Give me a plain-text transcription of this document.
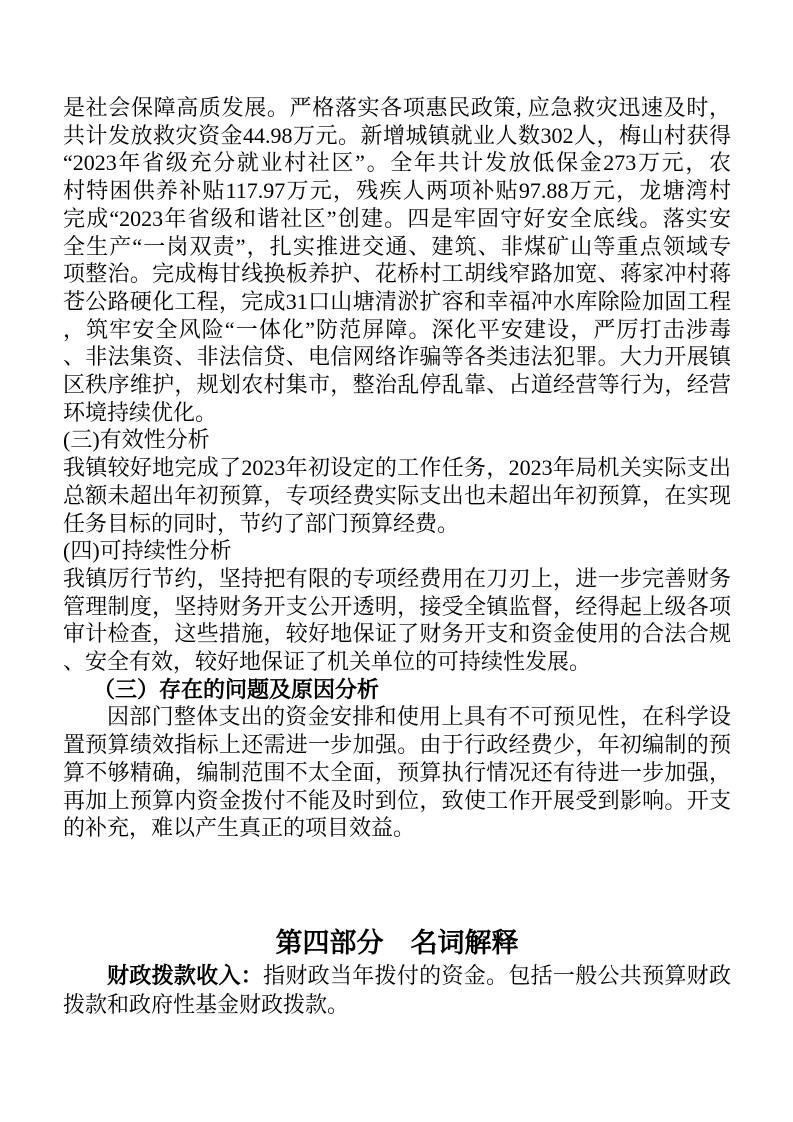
是社会保障高质发展。严格落实各项惠民政策, 应急救灾迅速及时，
共计发放救灾资金44.98万元。新增城镇就业人数302人，梅山村获得
“2023年省级充分就业村社区”。全年共计发放低保金273万元，农
村特困供养补贴117.97万元，残疾人两项补贴97.88万元，龙塘湾村
完成“2023年省级和谐社区”创建。四是牢固守好安全底线。落实安
全生产“一岗双责”，扎实推进交通、建筑、非煤矿山等重点领域专
项整治。完成梅甘线换板养护、花桥村工胡线窄路加宽、蒋家冲村蒋
苍公路硬化工程，完成31口山塘清淤扩容和幸福冲水库除险加固工程
，筑牢安全风险“一体化”防范屏障。深化平安建设，严厉打击涉毒
、非法集资、非法信贷、电信网络诈骗等各类违法犯罪。大力开展镇
区秩序维护，规划农村集市，整治乱停乱靠、占道经营等行为，经营
环境持续优化。
(三)有效性分析
我镇较好地完成了2023年初设定的工作任务，2023年局机关实际支出
总额未超出年初预算，专项经费实际支出也未超出年初预算，在实现
任务目标的同时，节约了部门预算经费。
(四)可持续性分析
我镇厉行节约，坚持把有限的专项经费用在刀刃上，进一步完善财务
管理制度，坚持财务开支公开透明，接受全镇监督，经得起上级各项
审计检查，这些措施，较好地保证了财务开支和资金使用的合法合规
、安全有效，较好地保证了机关单位的可持续性发展。
（三）存在的问题及原因分析
因部门整体支出的资金安排和使用上具有不可预见性，在科学设
置预算绩效指标上还需进一步加强。由于行政经费少，年初编制的预
算不够精确，编制范围不太全面，预算执行情况还有待进一步加强，
再加上预算内资金拨付不能及时到位，致使工作开展受到影响。开支
的补充，难以产生真正的项目效益。
第四部分　名词解释
财政拨款收入：指财政当年拨付的资金。包括一般公共预算财政
拨款和政府性基金财政拨款。
